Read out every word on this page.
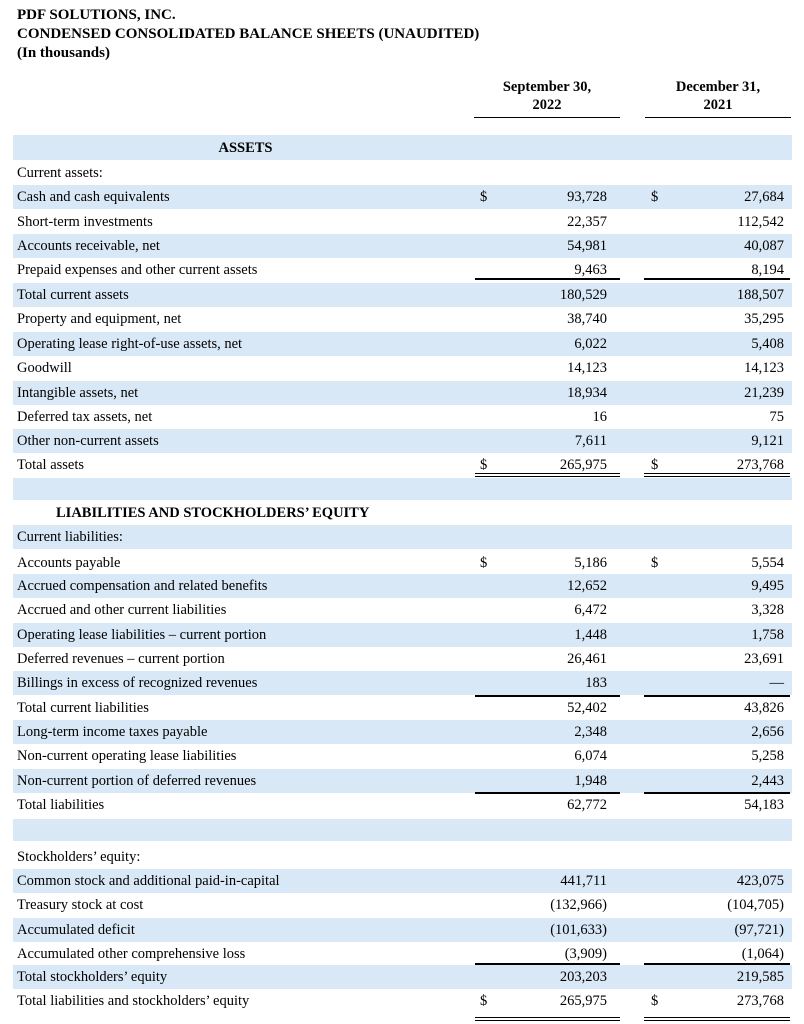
PDF SOLUTIONS, INC.
CONDENSED CONSOLIDATED BALANCE SHEETS (UNAUDITED)
(In thousands)
September 30,
2022
December 31,
2021
ASSETS
Current assets:
Cash and cash equivalents	$	93,728	$	27,684
Short-term investments	22,357	112,542
Accounts receivable, net	54,981	40,087
Prepaid expenses and other current assets	9,463	8,194
Total current assets	180,529	188,507
Property and equipment, net	38,740	35,295
Operating lease right-of-use assets, net	6,022	5,408
Goodwill	14,123	14,123
Intangible assets, net	18,934	21,239
Deferred tax assets, net	16	75
Other non-current assets	7,611	9,121
Total assets	$	265,975	$	273,768
LIABILITIES AND STOCKHOLDERS’ EQUITY
Current liabilities:
Accounts payable	$	5,186	$	5,554
Accrued compensation and related benefits	12,652	9,495
Accrued and other current liabilities	6,472	3,328
Operating lease liabilities – current portion	1,448	1,758
Deferred revenues – current portion	26,461	23,691
Billings in excess of recognized revenues	183	—
Total current liabilities	52,402	43,826
Long-term income taxes payable	2,348	2,656
Non-current operating lease liabilities	6,074	5,258
Non-current portion of deferred revenues	1,948	2,443
Total liabilities	62,772	54,183
Stockholders’ equity:
Common stock and additional paid-in-capital	441,711	423,075
Treasury stock at cost	(132,966)	(104,705)
Accumulated deficit	(101,633)	(97,721)
Accumulated other comprehensive loss	(3,909)	(1,064)
Total stockholders’ equity	203,203	219,585
Total liabilities and stockholders’ equity	$	265,975	$	273,768
